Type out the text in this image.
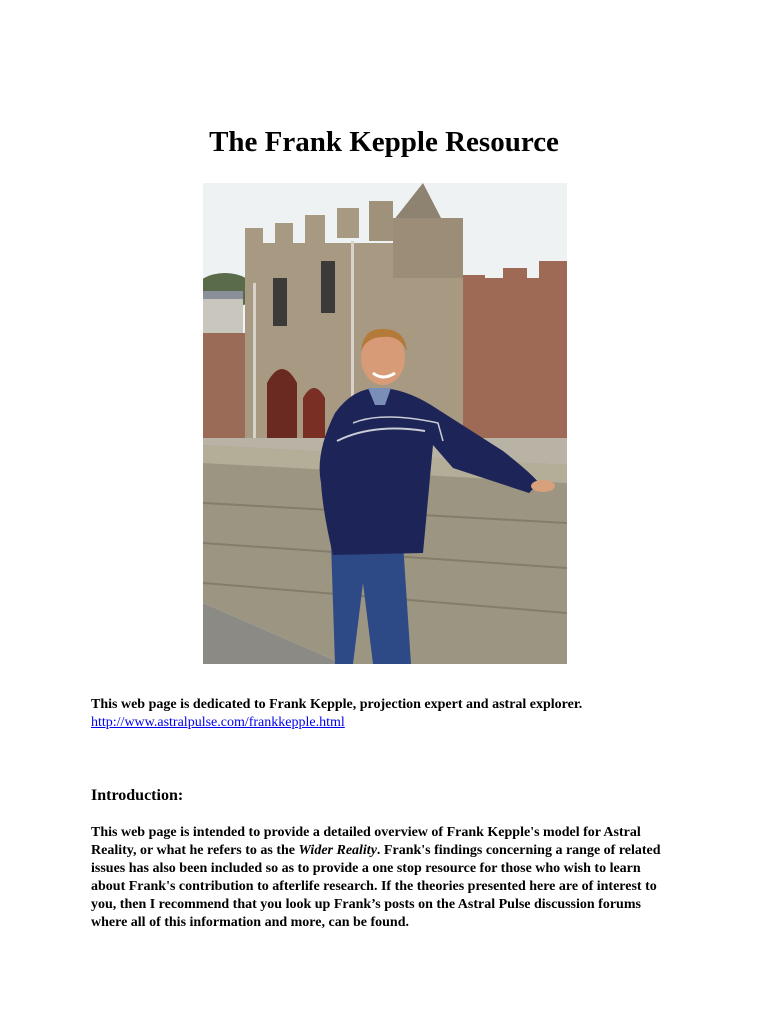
The Frank Kepple Resource

This web page is dedicated to Frank Kepple, projection expert and astral explorer.

http://www.astralpulse.com/frankkepple.html
Introduction:

This web page is intended to provide a detailed overview of Frank Kepple's model for Astral Reality, or what he refers to as the Wider Reality. Frank's findings concerning a range of related issues has also been included so as to provide a one stop resource for those who wish to learn about Frank's contribution to afterlife research. If the theories presented here are of interest to you, then I recommend that you look up Frank’s posts on the Astral Pulse discussion forums where all of this information and more, can be found.
